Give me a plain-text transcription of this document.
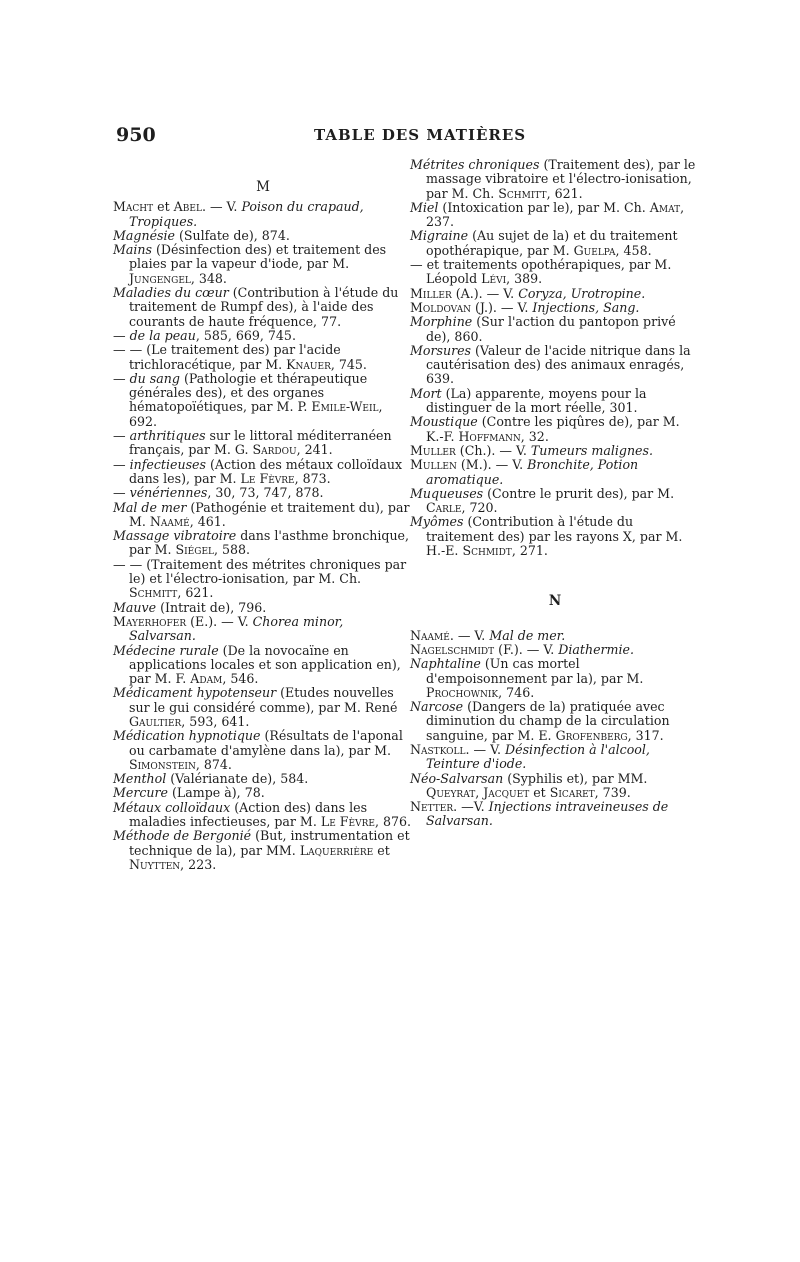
950	TABLE DES MATIÈRES
M

Macht et Abel. — V. Poison du crapaud, Tropiques.

Magnésie (Sulfate de), 874.

Mains (Désinfection des) et traitement des plaies par la vapeur d'iode, par M. Jungengel, 348.

Maladies du cœur (Contribution à l'étude du traitement de Rumpf des), à l'aide des courants de haute fréquence, 77.

— de la peau, 585, 669, 745.

— — (Le traitement des) par l'acide trichloracétique, par M. Knauer, 745.

— du sang (Pathologie et thérapeutique générales des), et des organes hématopoïétiques, par M. P. Emile-Weil, 692.

— arthritiques sur le littoral méditerranéen français, par M. G. Sardou, 241.

— infectieuses (Action des métaux colloïdaux dans les), par M. Le Fèvre, 873.

— vénériennes, 30, 73, 747, 878.

Mal de mer (Pathogénie et traitement du), par M. Naamé, 461.

Massage vibratoire dans l'asthme bronchique, par M. Siégel, 588.

— — (Traitement des métrites chroniques par le) et l'électro-ionisation, par M. Ch. Schmitt, 621.

Mauve (Intrait de), 796.

Mayerhofer (E.). — V. Chorea minor, Salvarsan.

Médecine rurale (De la novocaïne en applications locales et son application en), par M. F. Adam, 546.

Médicament hypotenseur (Etudes nouvelles sur le gui considéré comme), par M. René Gaultier, 593, 641.

Médication hypnotique (Résultats de l'aponal ou carbamate d'amylène dans la), par M. Simonstein, 874.

Menthol (Valérianate de), 584.

Mercure (Lampe à), 78.

Métaux colloïdaux (Action des) dans les maladies infectieuses, par M. Le Fèvre, 876.

Méthode de Bergonié (But, instrumentation et technique de la), par MM. Laquerrière et Nuytten, 223.

Métrites chroniques (Traitement des), par le massage vibratoire et l'électro-ionisation, par M. Ch. Schmitt, 621.

Miel (Intoxication par le), par M. Ch. Amat, 237.

Migraine (Au sujet de la) et du traitement opothérapique, par M. Guelpa, 458.

— et traitements opothérapiques, par M. Léopold Lévi, 389.

Miller (A.). — V. Coryza, Urotropine.

Moldovan (J.). — V. Injections, Sang.

Morphine (Sur l'action du pantopon privé de), 860.

Morsures (Valeur de l'acide nitrique dans la cautérisation des) des animaux enragés, 639.

Mort (La) apparente, moyens pour la distinguer de la mort réelle, 301.

Moustique (Contre les piqûres de), par M. K.-F. Hoffmann, 32.

Muller (Ch.). — V. Tumeurs malignes.

Mullen (M.). — V. Bronchite, Potion aromatique.

Muqueuses (Contre le prurit des), par M. Carle, 720.

Myômes (Contribution à l'étude du traitement des) par les rayons X, par M. H.-E. Schmidt, 271.

N

Naamé. — V. Mal de mer.

Nagelschmidt (F.). — V. Diathermie.

Naphtaline (Un cas mortel d'empoisonnement par la), par M. Prochownik, 746.

Narcose (Dangers de la) pratiquée avec diminution du champ de la circulation sanguine, par M. E. Grofenberg, 317.

Nastkoll. — V. Désinfection à l'alcool, Teinture d'iode.

Néo-Salvarsan (Syphilis et), par MM. Queyrat, Jacquet et Sicaret, 739.

Netter. —V. Injections intraveineuses de Salvarsan.
